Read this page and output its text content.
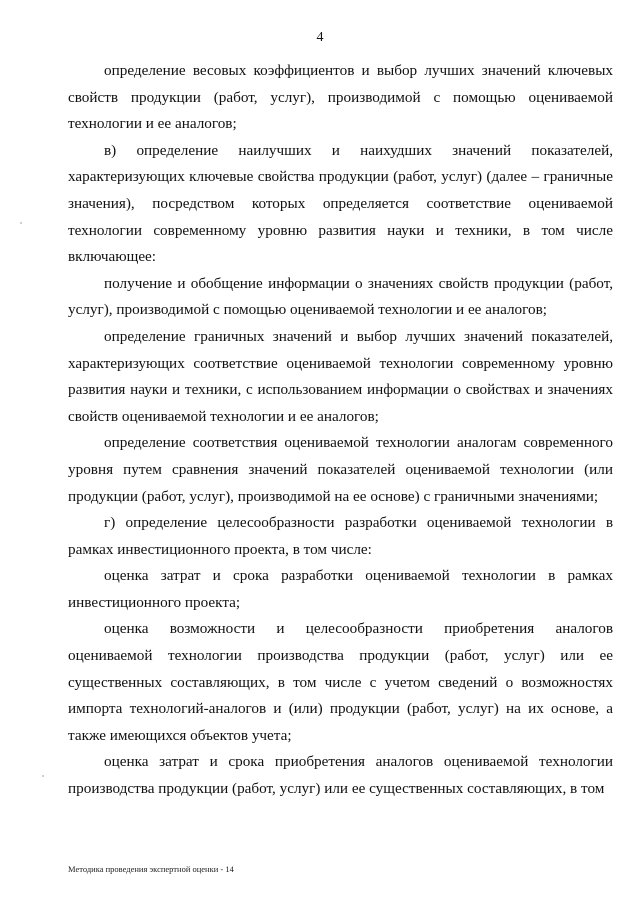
4

определение весовых коэффициентов и выбор лучших значений ключевых свойств продукции (работ, услуг), производимой с помощью оцениваемой технологии и ее аналогов;

в) определение наилучших и наихудших значений показателей, характеризующих ключевые свойства продукции (работ, услуг) (далее – граничные значения), посредством которых определяется соответствие оцениваемой технологии современному уровню развития науки и техники, в том числе включающее:

получение и обобщение информации о значениях свойств продукции (работ, услуг), производимой с помощью оцениваемой технологии и ее аналогов;

определение граничных значений и выбор лучших значений показателей, характеризующих соответствие оцениваемой технологии современному уровню развития науки и техники, с использованием информации о свойствах и значениях свойств оцениваемой технологии и ее аналогов;

определение соответствия оцениваемой технологии аналогам современного уровня путем сравнения значений показателей оцениваемой технологии (или продукции (работ, услуг), производимой на ее основе) с граничными значениями;

г) определение целесообразности разработки оцениваемой технологии в рамках инвестиционного проекта, в том числе:

оценка затрат и срока разработки оцениваемой технологии в рамках инвестиционного проекта;

оценка возможности и целесообразности приобретения аналогов оцениваемой технологии производства продукции (работ, услуг) или ее существенных составляющих, в том числе с учетом сведений о возможностях импорта технологий-аналогов и (или) продукции (работ, услуг) на их основе, а также имеющихся объектов учета;

оценка затрат и срока приобретения аналогов оцениваемой технологии производства продукции (работ, услуг) или ее существенных составляющих, в том

Методика проведения экспертной оценки - 14
